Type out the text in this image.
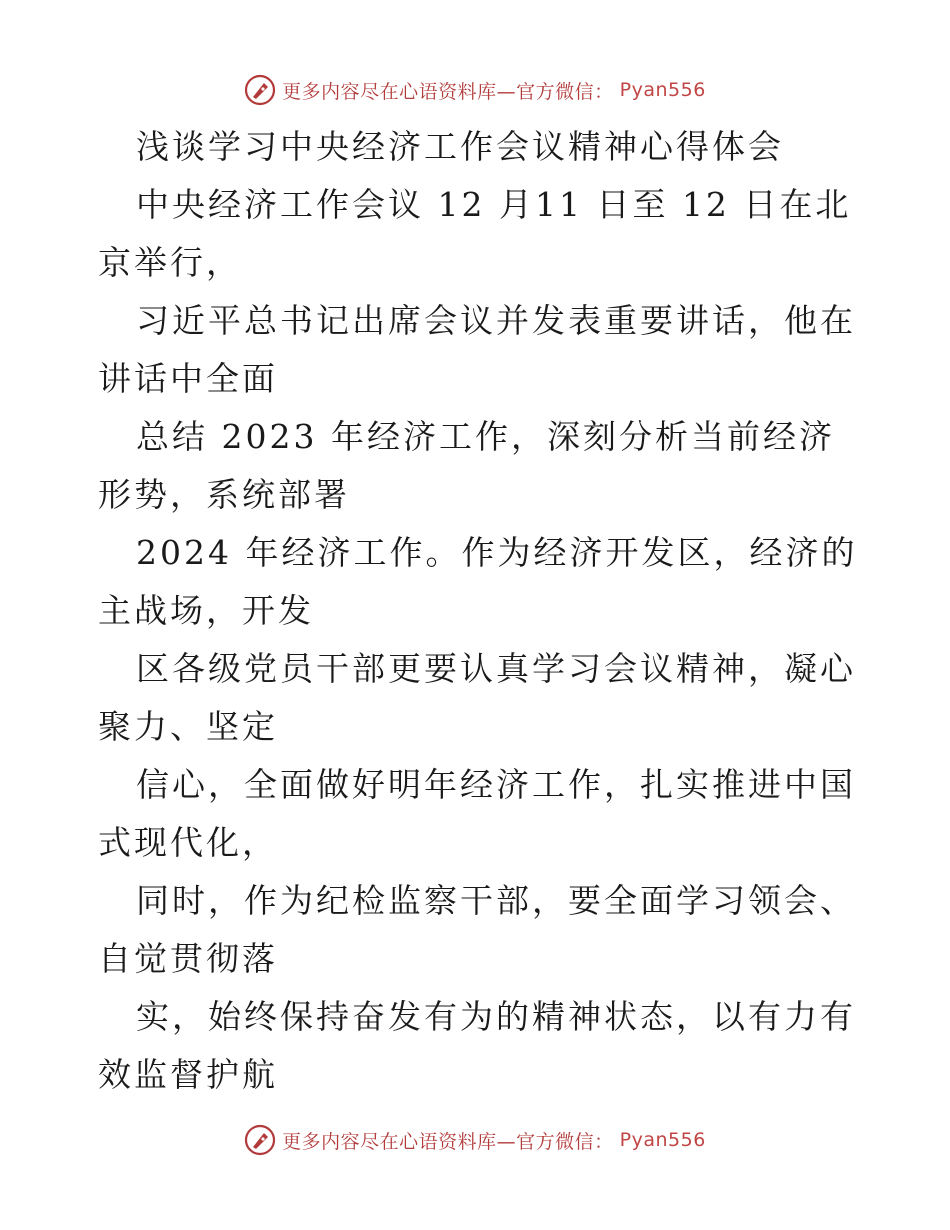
更多内容尽在心语资料库—官方微信： Pyan556

浅谈学习中央经济工作会议精神心得体会

中央经济工作会议 12 月11 日至 12 日在北京举行，

习近平总书记出席会议并发表重要讲话，他在讲话中全面

总结 2023 年经济工作，深刻分析当前经济形势，系统部署

2024 年经济工作。作为经济开发区，经济的主战场，开发

区各级党员干部更要认真学习会议精神，凝心聚力、坚定

信心，全面做好明年经济工作，扎实推进中国式现代化，

同时，作为纪检监察干部，要全面学习领会、自觉贯彻落

实，始终保持奋发有为的精神状态，以有力有效监督护航

更多内容尽在心语资料库—官方微信： Pyan556
